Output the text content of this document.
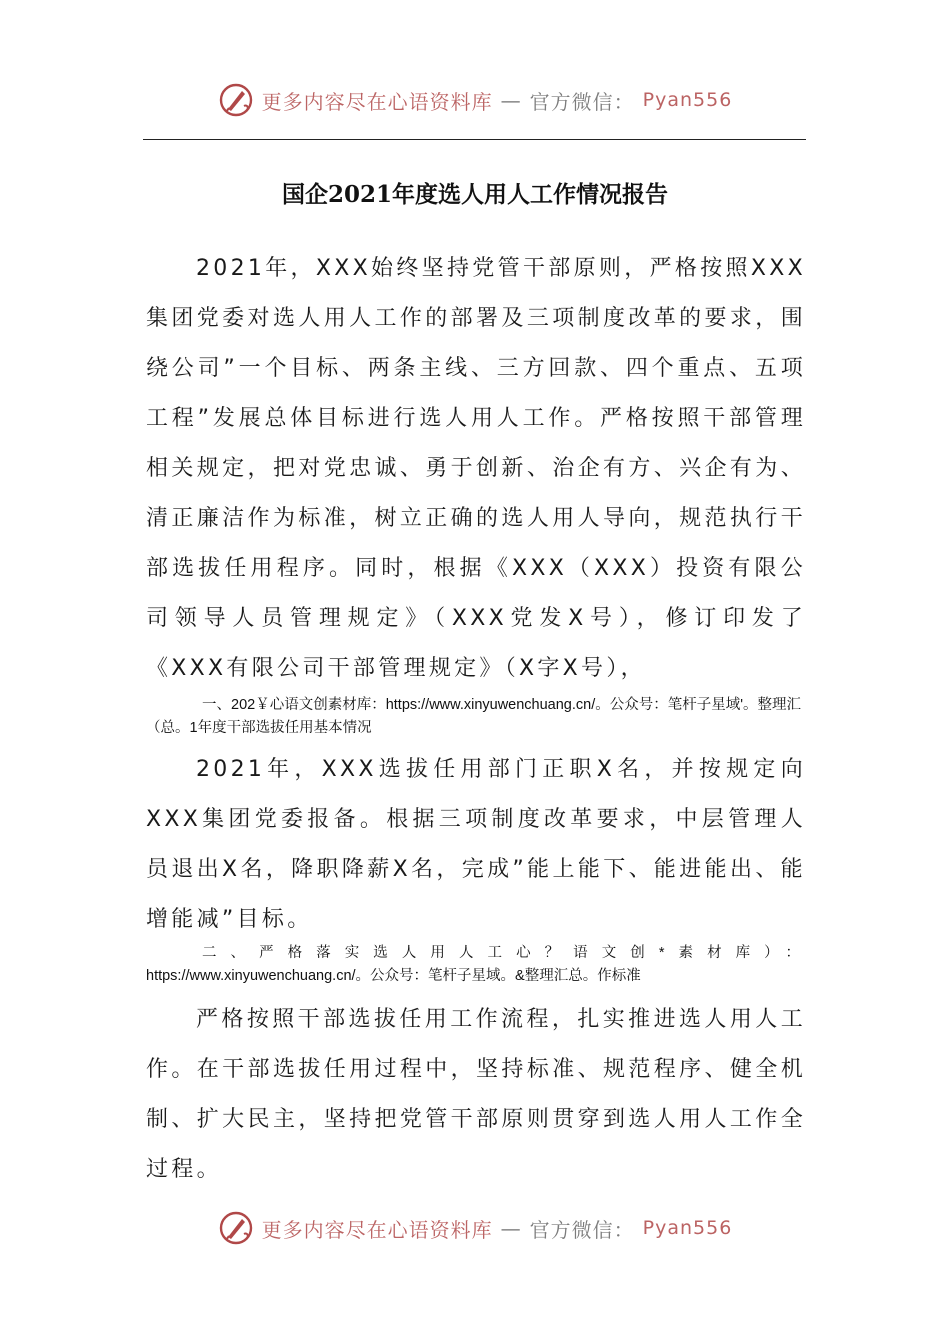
更多内容尽在心语资料库 — 官方微信： Pyan556
国企2021年度选人用人工作情况报告

2021年，XXX始终坚持党管干部原则，严格按照XXX集团党委对选人用人工作的部署及三项制度改革的要求，围绕公司”一个目标、两条主线、三方回款、四个重点、五项工程”发展总体目标进行选人用人工作。严格按照干部管理相关规定，把对党忠诚、勇于创新、治企有方、兴企有为、清正廉洁作为标准，树立正确的选人用人导向，规范执行干部选拔任用程序。同时，根据《XXX（XXX）投资有限公司领导人员管理规定》（XXX党发X号），修订印发了《XXX有限公司干部管理规定》（X字X号），

一、202￥心语文创素材库：https://www.xinyuwenchuang.cn/。公众号：笔杆子星域'。整理汇（总。1年度干部选拔任用基本情况

2021年，XXX选拔任用部门正职X名，并按规定向XXX集团党委报备。根据三项制度改革要求，中层管理人员退出X名，降职降薪X名，完成”能上能下、能进能出、能增能减”目标。

二、严格落实选人用人工心？语文创*素材库）： https://www.xinyuwenchuang.cn/。公众号：笔杆子星域。&整理汇总。作标准

严格按照干部选拔任用工作流程，扎实推进选人用人工作。在干部选拔任用过程中，坚持标准、规范程序、健全机制、扩大民主，坚持把党管干部原则贯穿到选人用人工作全过程。

更多内容尽在心语资料库 — 官方微信： Pyan556
